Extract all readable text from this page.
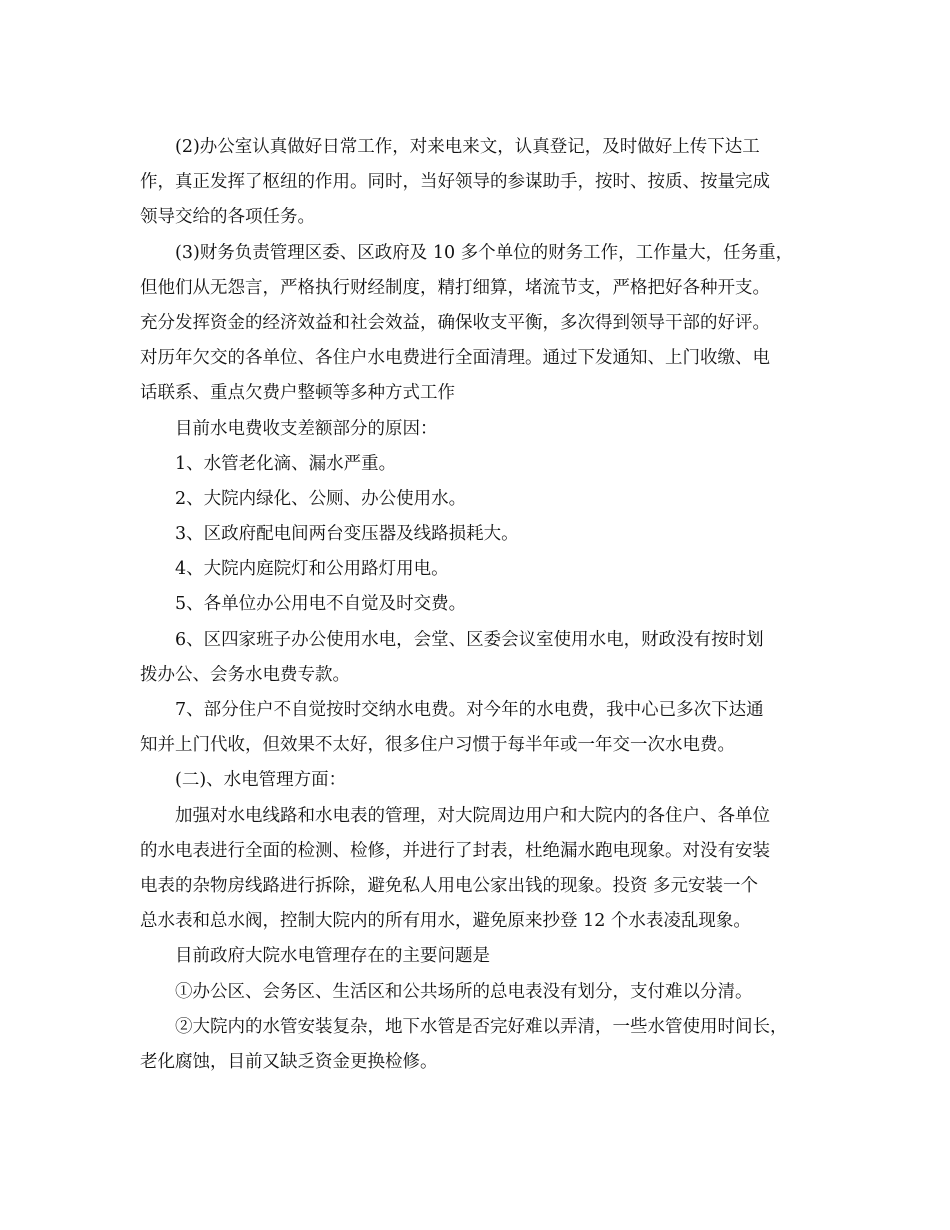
(2)办公室认真做好日常工作，对来电来文，认真登记，及时做好上传下达工
作，真正发挥了枢纽的作用。同时，当好领导的参谋助手，按时、按质、按量完成
领导交给的各项任务。
(3)财务负责管理区委、区政府及 10 多个单位的财务工作，工作量大，任务重，
但他们从无怨言，严格执行财经制度，精打细算，堵流节支，严格把好各种开支。
充分发挥资金的经济效益和社会效益，确保收支平衡，多次得到领导干部的好评。
对历年欠交的各单位、各住户水电费进行全面清理。通过下发通知、上门收缴、电
话联系、重点欠费户整顿等多种方式工作
目前水电费收支差额部分的原因：
1、水管老化滴、漏水严重。
2、大院内绿化、公厕、办公使用水。
3、区政府配电间两台变压器及线路损耗大。
4、大院内庭院灯和公用路灯用电。
5、各单位办公用电不自觉及时交费。
6、区四家班子办公使用水电，会堂、区委会议室使用水电，财政没有按时划
拨办公、会务水电费专款。
7、部分住户不自觉按时交纳水电费。对今年的水电费，我中心已多次下达通
知并上门代收，但效果不太好，很多住户习惯于每半年或一年交一次水电费。
(二)、水电管理方面：
加强对水电线路和水电表的管理，对大院周边用户和大院内的各住户、各单位
的水电表进行全面的检测、检修，并进行了封表，杜绝漏水跑电现象。对没有安装
电表的杂物房线路进行拆除，避免私人用电公家出钱的现象。投资 多元安装一个
总水表和总水阀，控制大院内的所有用水，避免原来抄登 12 个水表凌乱现象。
目前政府大院水电管理存在的主要问题是
①办公区、会务区、生活区和公共场所的总电表没有划分，支付难以分清。
②大院内的水管安装复杂，地下水管是否完好难以弄清，一些水管使用时间长，
老化腐蚀，目前又缺乏资金更换检修。
